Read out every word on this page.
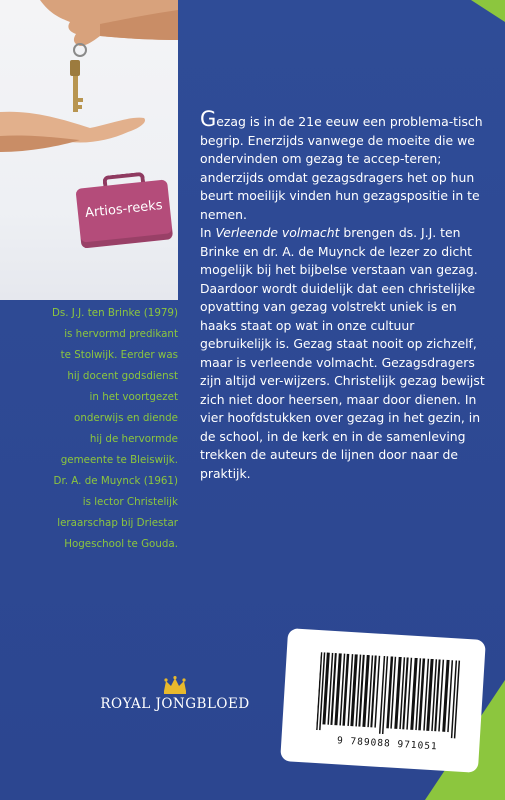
Artios-reeks

Gezag is in de 21e eeuw een problema-tisch begrip. Enerzijds vanwege de moeite die we ondervinden om gezag te accep-teren; anderzijds omdat gezagsdragers het op hun beurt moeilijk vinden hun gezagspositie in te nemen.

In Verleende volmacht brengen ds. J.J. ten Brinke en dr. A. de Muynck de lezer zo dicht mogelijk bij het bijbelse verstaan van gezag. Daardoor wordt duidelijk dat een christelijke opvatting van gezag volstrekt uniek is en haaks staat op wat in onze cultuur gebruikelijk is. Gezag staat nooit op zichzelf, maar is verleende volmacht. Gezagsdragers zijn altijd ver-wijzers. Christelijk gezag bewijst zich niet door heersen, maar door dienen. In vier hoofdstukken over gezag in het gezin, in de school, in de kerk en in de samenleving trekken de auteurs de lijnen door naar de praktijk.

Ds. J.J. ten Brinke (1979)
is hervormd predikant
te Stolwijk. Eerder was
hij docent godsdienst
in het voortgezet
onderwijs en diende
hij de hervormde
gemeente te Bleiswijk.
Dr. A. de Muynck (1961)
is lector Christelijk
leraarschap bij Driestar
Hogeschool te Gouda.
ROYAL JONGBLOED
9 789088 971051
